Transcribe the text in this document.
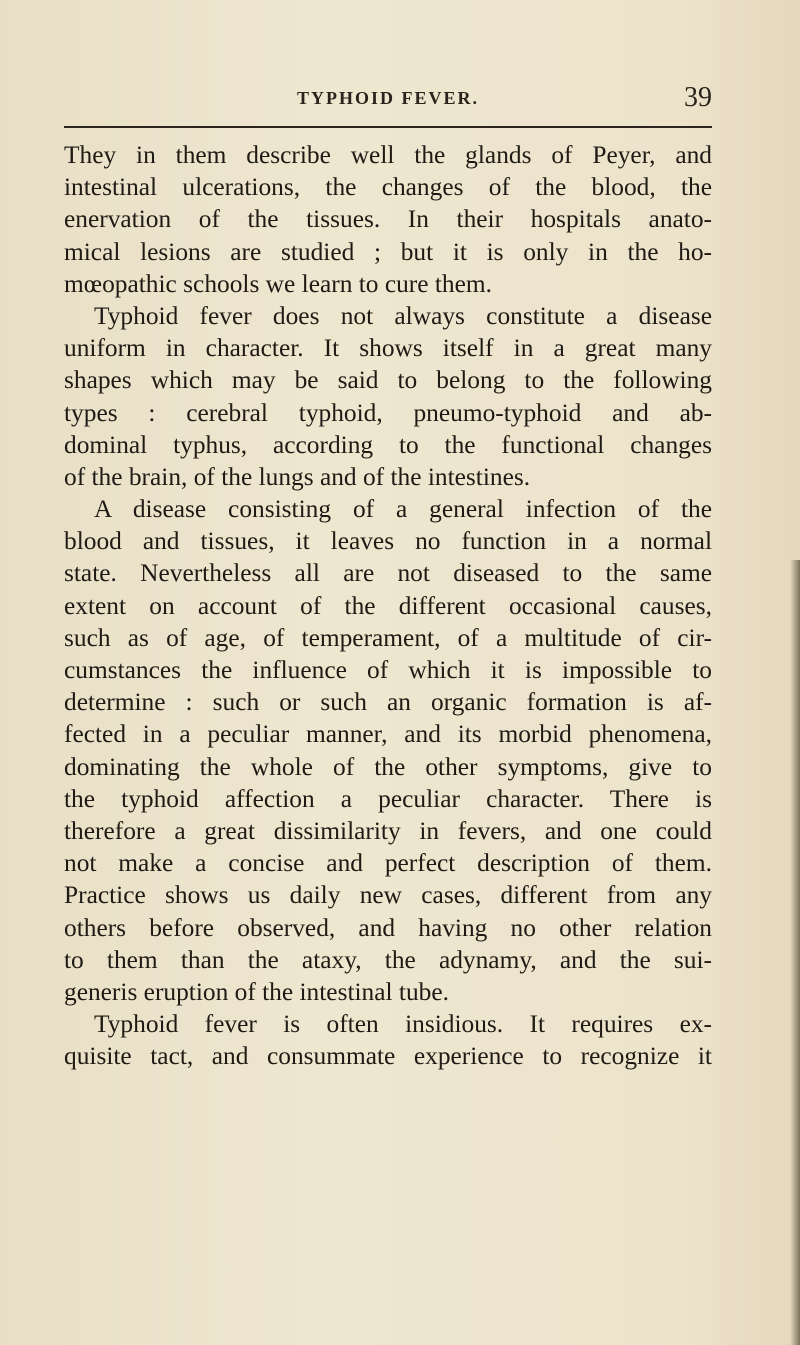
TYPHOID FEVER.	39
They in them describe well the glands of Peyer, and
intestinal ulcerations, the changes of the blood, the
enervation of the tissues. In their hospitals anato-
mical lesions are studied ; but it is only in the ho-
mœopathic schools we learn to cure them.
Typhoid fever does not always constitute a disease
uniform in character. It shows itself in a great many
shapes which may be said to belong to the following
types : cerebral typhoid, pneumo-typhoid and ab-
dominal typhus, according to the functional changes
of the brain, of the lungs and of the intestines.
A disease consisting of a general infection of the
blood and tissues, it leaves no function in a normal
state. Nevertheless all are not diseased to the same
extent on account of the different occasional causes,
such as of age, of temperament, of a multitude of cir-
cumstances the influence of which it is impossible to
determine : such or such an organic formation is af-
fected in a peculiar manner, and its morbid phenomena,
dominating the whole of the other symptoms, give to
the typhoid affection a peculiar character. There is
therefore a great dissimilarity in fevers, and one could
not make a concise and perfect description of them.
Practice shows us daily new cases, different from any
others before observed, and having no other relation
to them than the ataxy, the adynamy, and the sui-
generis eruption of the intestinal tube.
Typhoid fever is often insidious. It requires ex-
quisite tact, and consummate experience to recognize it
